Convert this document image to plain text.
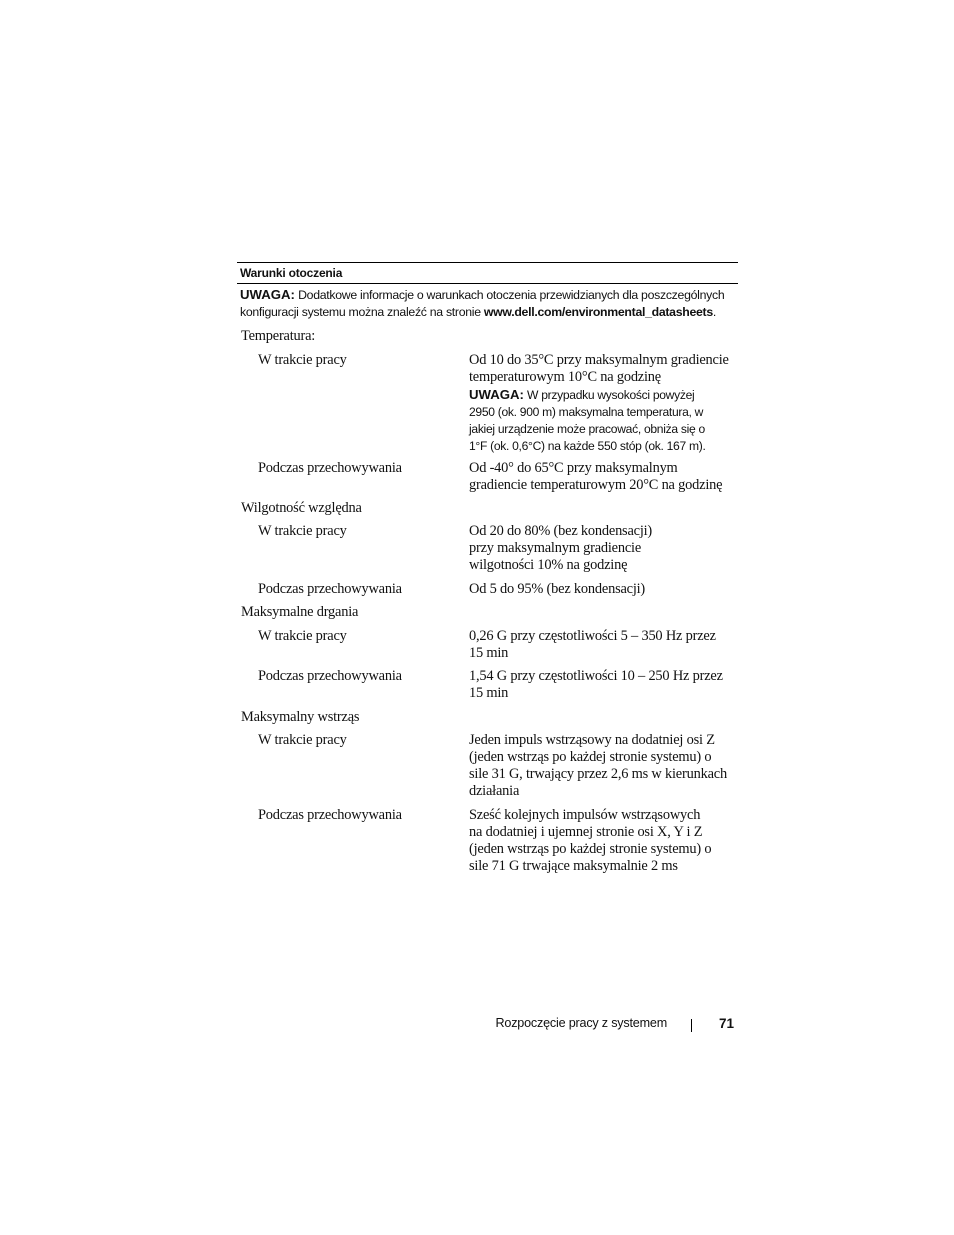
Warunki otoczenia
UWAGA: Dodatkowe informacje o warunkach otoczenia przewidzianych dla poszczególnych
konfiguracji systemu można znaleźć na stronie www.dell.com/environmental_datasheets.
Temperatura:
W trakcie pracy	Od 10 do 35°C przy maksymalnym gradiencie
temperaturowym 10°C na godzinę
UWAGA: W przypadku wysokości powyżej
2950 (ok. 900 m) maksymalna temperatura, w
jakiej urządzenie może pracować, obniża się o
1°F (ok. 0,6°C) na każde 550 stóp (ok. 167 m).
Podczas przechowywania	Od -40° do 65°C przy maksymalnym
gradiencie temperaturowym 20°C na godzinę
Wilgotność względna
W trakcie pracy	Od 20 do 80% (bez kondensacji)
przy maksymalnym gradiencie
wilgotności 10% na godzinę
Podczas przechowywania	Od 5 do 95% (bez kondensacji)
Maksymalne drgania
W trakcie pracy	0,26 G przy częstotliwości 5 – 350 Hz przez
15 min
Podczas przechowywania	1,54 G przy częstotliwości 10 – 250 Hz przez
15 min
Maksymalny wstrząs
W trakcie pracy	Jeden impuls wstrząsowy na dodatniej osi Z
(jeden wstrząs po każdej stronie systemu) o
sile 31 G, trwający przez 2,6 ms w kierunkach
działania
Podczas przechowywania	Sześć kolejnych impulsów wstrząsowych
na dodatniej i ujemnej stronie osi X, Y i Z
(jeden wstrząs po każdej stronie systemu) o
sile 71 G trwające maksymalnie 2 ms
Rozpoczęcie pracy z systemem	71
